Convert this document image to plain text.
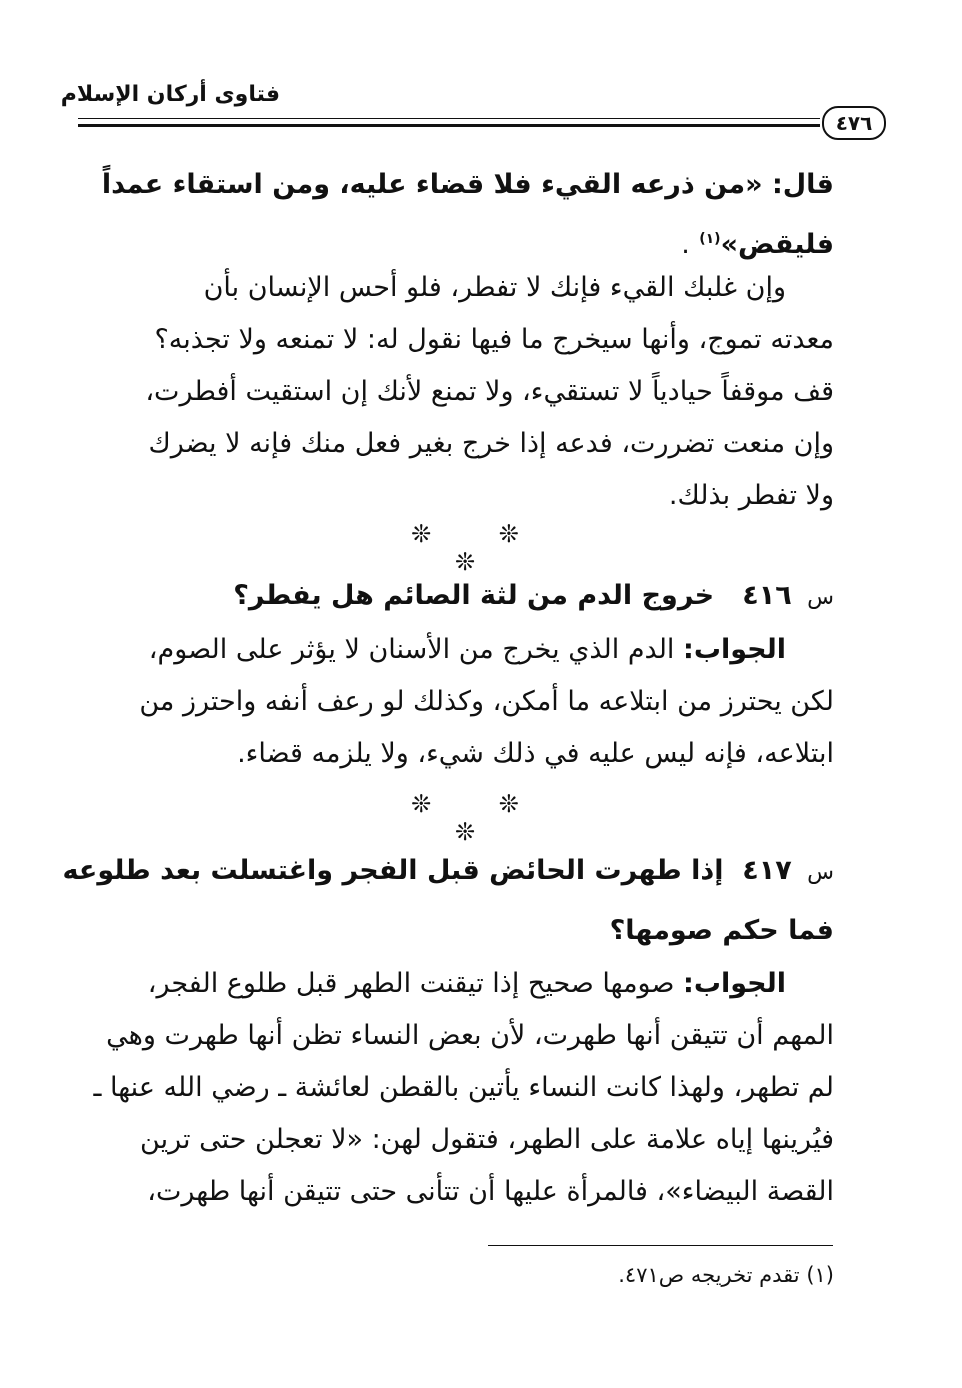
فتاوى أركان الإسلام
٤٧٦
قال: «من ذرعه القيء فلا قضاء عليه، ومن استقاء عمداً
فليقض»$^{(١)}$ .
وإن غلبك القيء فإنك لا تفطر، فلو أحس الإنسان بأن
معدته تموج، وأنها سيخرج ما فيها نقول له: لا تمنعه ولا تجذبه؟
قف موقفاً حيادياً لا تستقيء، ولا تمنع لأنك إن استقيت أفطرت،
وإن منعت تضررت، فدعه إذا خرج بغير فعل منك فإنه لا يضرك
ولا تفطر بذلك.
❊ ❊ ❊
س ٤١٦   خروج الدم من لثة الصائم هل يفطر؟
الجواب: الدم الذي يخرج من الأسنان لا يؤثر على الصوم،
لكن يحترز من ابتلاعه ما أمكن، وكذلك لو رعف أنفه واحترز من
ابتلاعه، فإنه ليس عليه في ذلك شيء، ولا يلزمه قضاء.
❊ ❊ ❊
س ٤١٧  إذا طهرت الحائض قبل الفجر واغتسلت بعد طلوعه
فما حكم صومها؟
الجواب: صومها صحيح إذا تيقنت الطهر قبل طلوع الفجر،
المهم أن تتيقن أنها طهرت، لأن بعض النساء تظن أنها طهرت وهي
لم تطهر، ولهذا كانت النساء يأتين بالقطن لعائشة ـ رضي الله عنها ـ
فيُرينها إياه علامة على الطهر، فتقول لهن: «لا تعجلن حتى ترين
القصة البيضاء»، فالمرأة عليها أن تتأنى حتى تتيقن أنها طهرت،
(١) تقدم تخريجه ص٤٧١.
